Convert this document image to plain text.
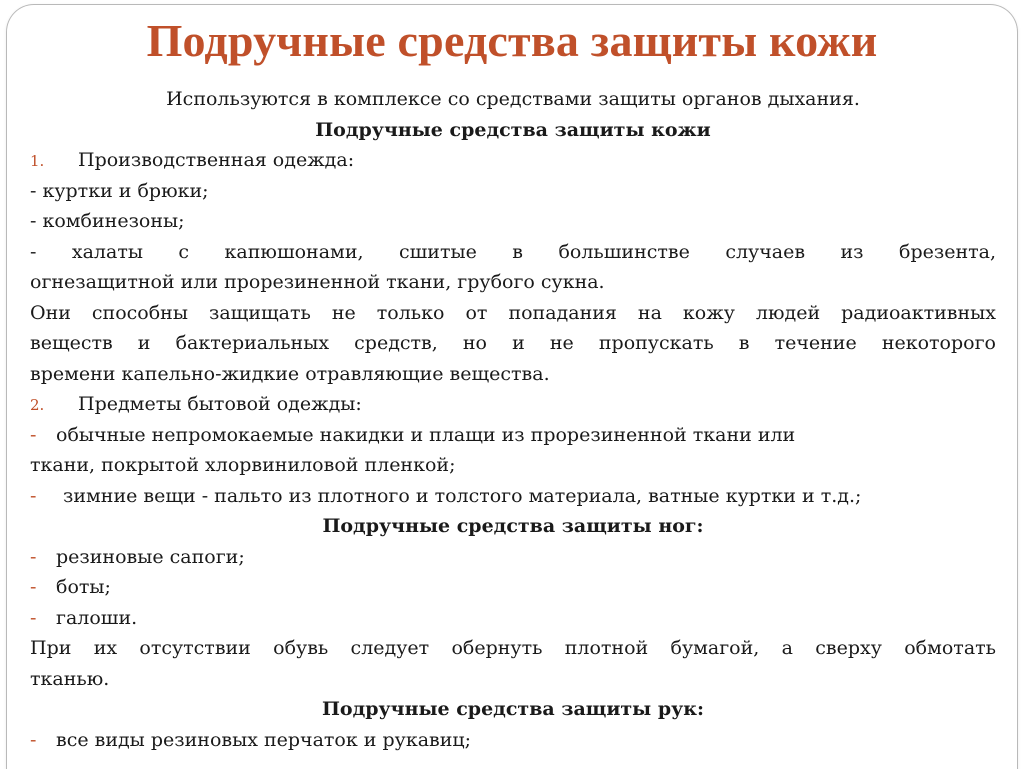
Подручные средства защиты кожи
Используются в комплексе со средствами защиты органов дыхания.
Подручные средства защиты кожи
1. Производственная одежда:
- куртки и брюки;
- комбинезоны;
- халаты с капюшонами, сшитые в большинстве случаев из брезента,
огнезащитной или прорезиненной ткани, грубого сукна.
Они способны защищать не только от попадания на кожу людей радиоактивных
веществ и бактериальных средств, но и не пропускать в течение некоторого
времени капельно-жидкие отравляющие вещества.
2. Предметы бытовой одежды:
- обычные непромокаемые накидки и плащи из прорезиненной ткани или
ткани, покрытой хлорвиниловой пленкой;
- зимние вещи - пальто из плотного и толстого материала, ватные куртки и т.д.;
Подручные средства защиты ног:
- резиновые сапоги;
- боты;
- галоши.
При их отсутствии обувь следует обернуть плотной бумагой, а сверху обмотать
тканью.
Подручные средства защиты рук:
- все виды резиновых перчаток и рукавиц;
